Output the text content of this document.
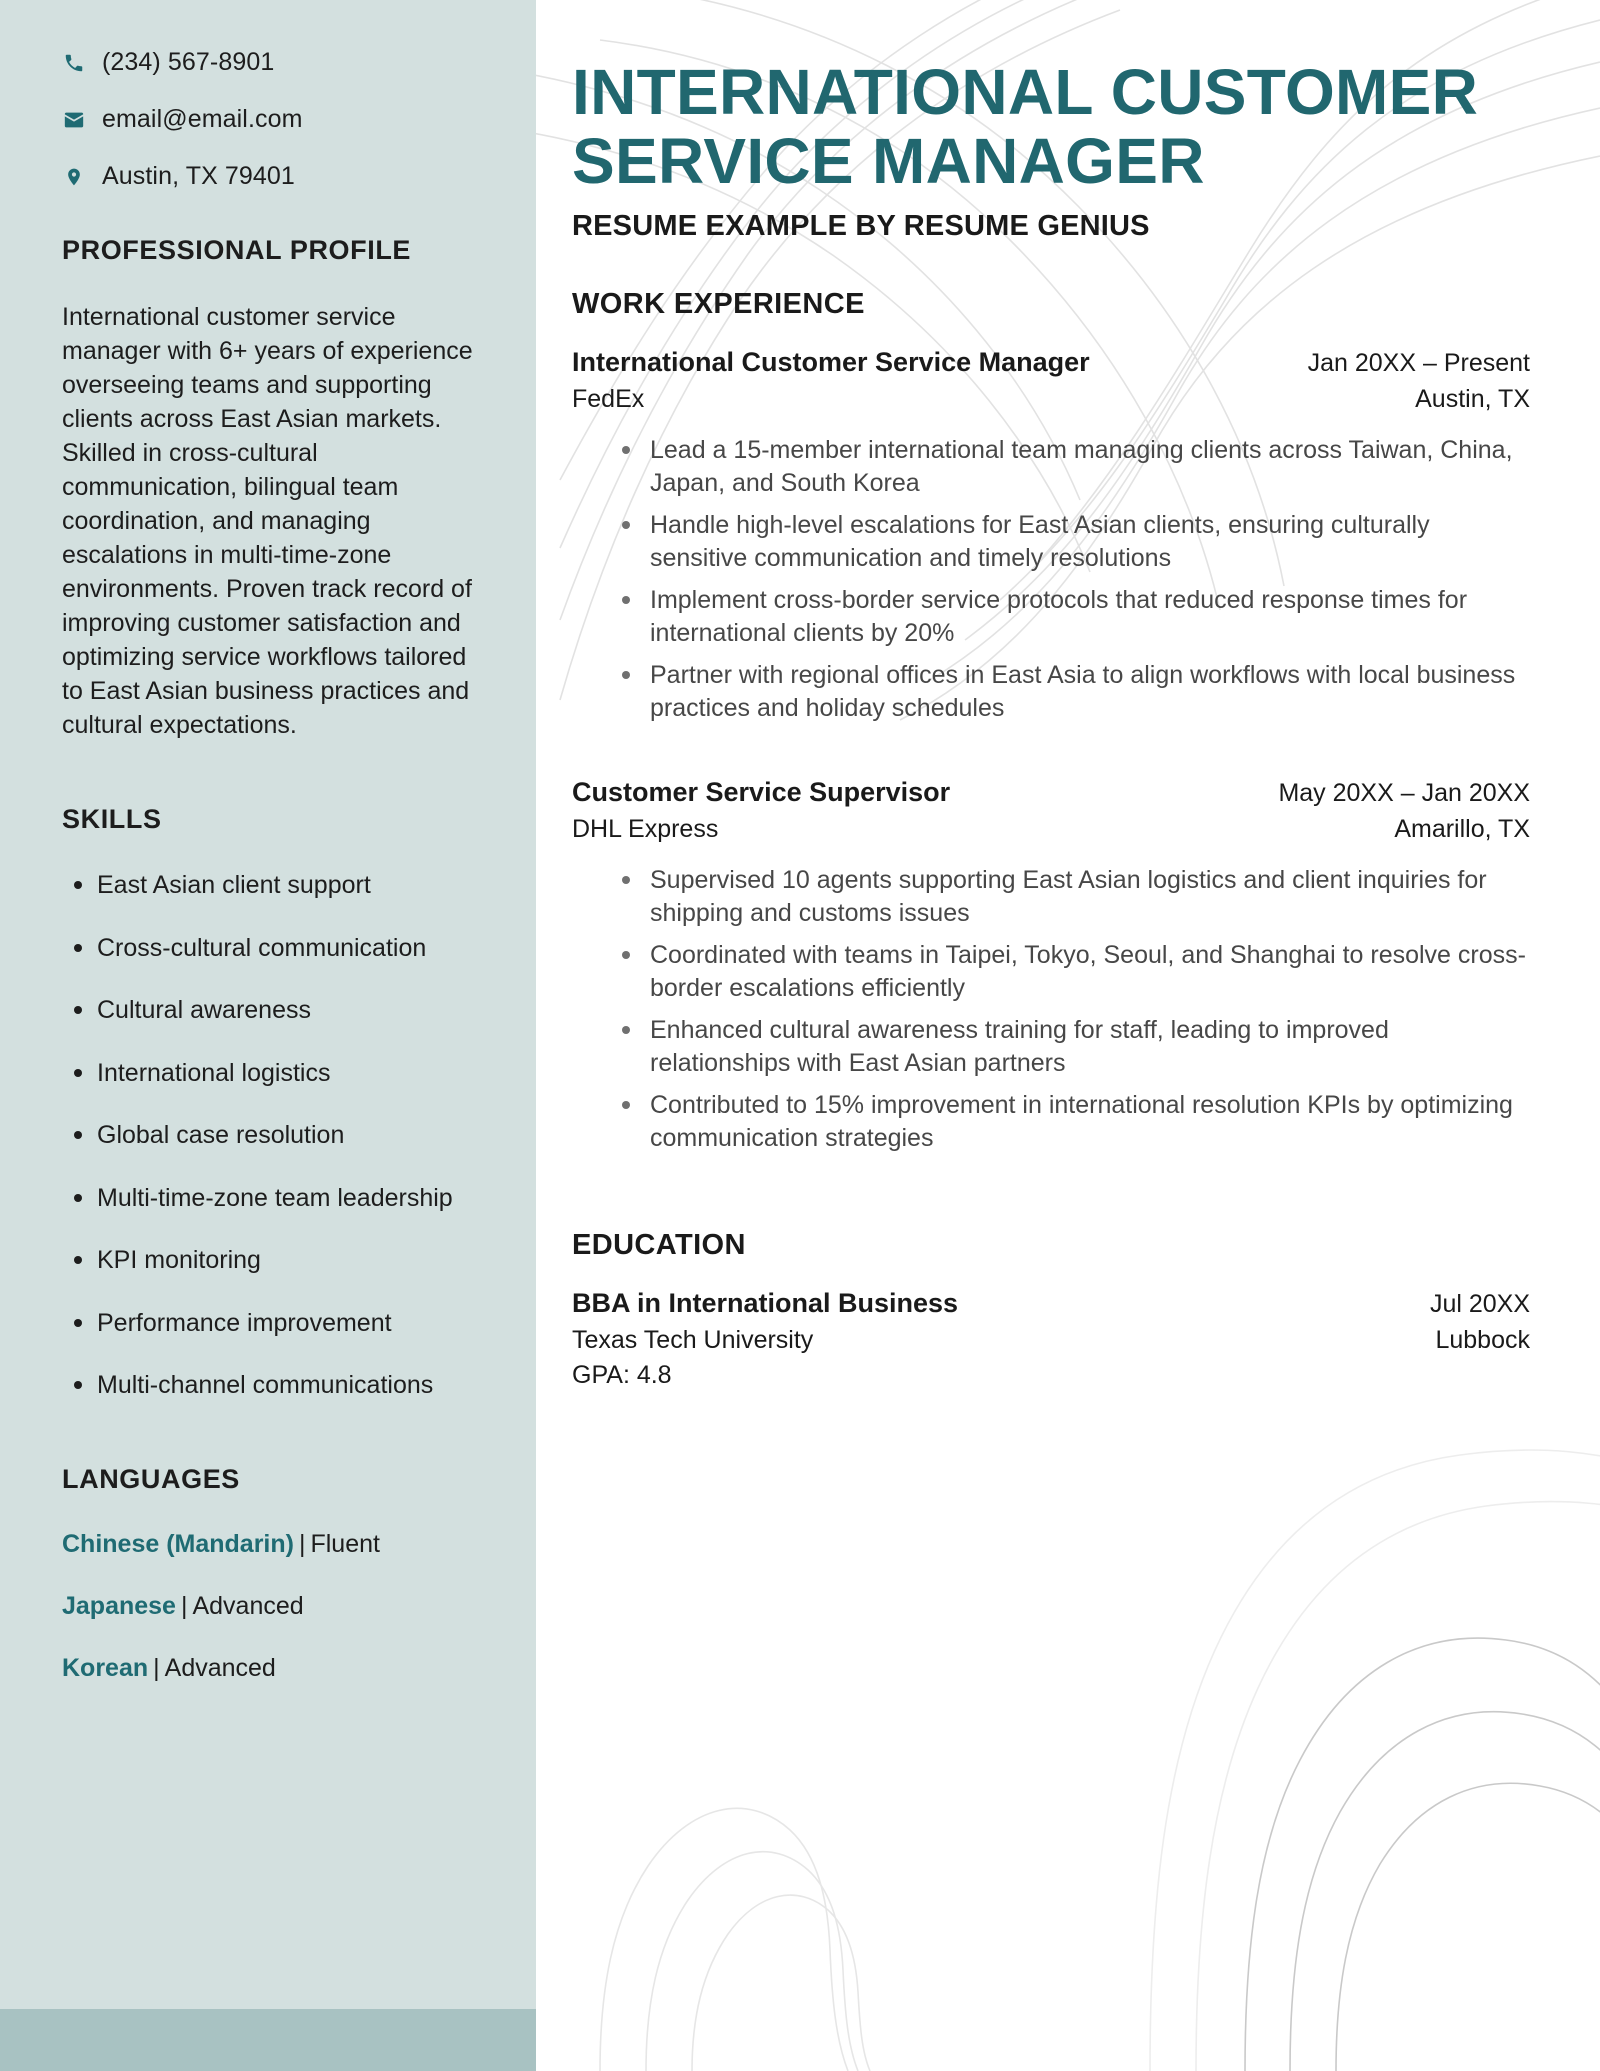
(234) 567-8901
email@email.com
Austin, TX 79401
PROFESSIONAL PROFILE

International customer service manager with 6+ years of experience overseeing teams and supporting clients across East Asian markets. Skilled in cross-cultural communication, bilingual team coordination, and managing escalations in multi-time-zone environments. Proven track record of improving customer satisfaction and optimizing service workflows tailored to East Asian business practices and cultural expectations.

SKILLS
East Asian client support
Cross-cultural communication
Cultural awareness
International logistics
Global case resolution
Multi-time-zone team leadership
KPI monitoring
Performance improvement
Multi-channel communications
LANGUAGES
Chinese (Mandarin) | Fluent
Japanese | Advanced
Korean | Advanced
INTERNATIONAL CUSTOMER SERVICE MANAGER
RESUME EXAMPLE BY RESUME GENIUS
WORK EXPERIENCE
International Customer Service Manager	Jan 20XX – Present
FedEx	Austin, TX
Lead a 15-member international team managing clients across Taiwan, China, Japan, and South Korea
Handle high-level escalations for East Asian clients, ensuring culturally sensitive communication and timely resolutions
Implement cross-border service protocols that reduced response times for international clients by 20%
Partner with regional offices in East Asia to align workflows with local business practices and holiday schedules
Customer Service Supervisor	May 20XX – Jan 20XX
DHL Express	Amarillo, TX
Supervised 10 agents supporting East Asian logistics and client inquiries for shipping and customs issues
Coordinated with teams in Taipei, Tokyo, Seoul, and Shanghai to resolve cross-border escalations efficiently
Enhanced cultural awareness training for staff, leading to improved relationships with East Asian partners
Contributed to 15% improvement in international resolution KPIs by optimizing communication strategies
EDUCATION
BBA in International Business	Jul 20XX
Texas Tech University	Lubbock
GPA: 4.8
